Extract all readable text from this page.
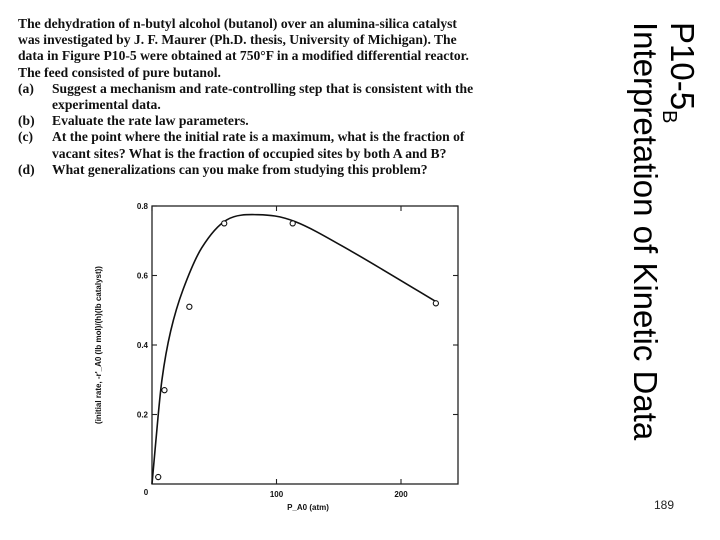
The dehydration of n-butyl alcohol (butanol) over an alumina-silica catalyst
was investigated by J. F. Maurer (Ph.D. thesis, University of Michigan). The
data in Figure P10-5 were obtained at 750°F in a modified differential reactor.
The feed consisted of pure butanol.
(a)	Suggest a mechanism and rate-controlling step that is consistent with the
experimental data.
(b)	Evaluate the rate law parameters.
(c)	At the point where the initial rate is a maximum, what is the fraction of
vacant sites? What is the fraction of occupied sites by both A and B?
(d)	What generalizations can you make from studying this problem?
0.2
0.4
0.6
0.8
100	200
0
P_A0 (atm)
(initial rate, -r'_A0 (lb mol)/(h)(lb catalyst))
$P10-5_B$
Interpretation of Kinetic Data
189
